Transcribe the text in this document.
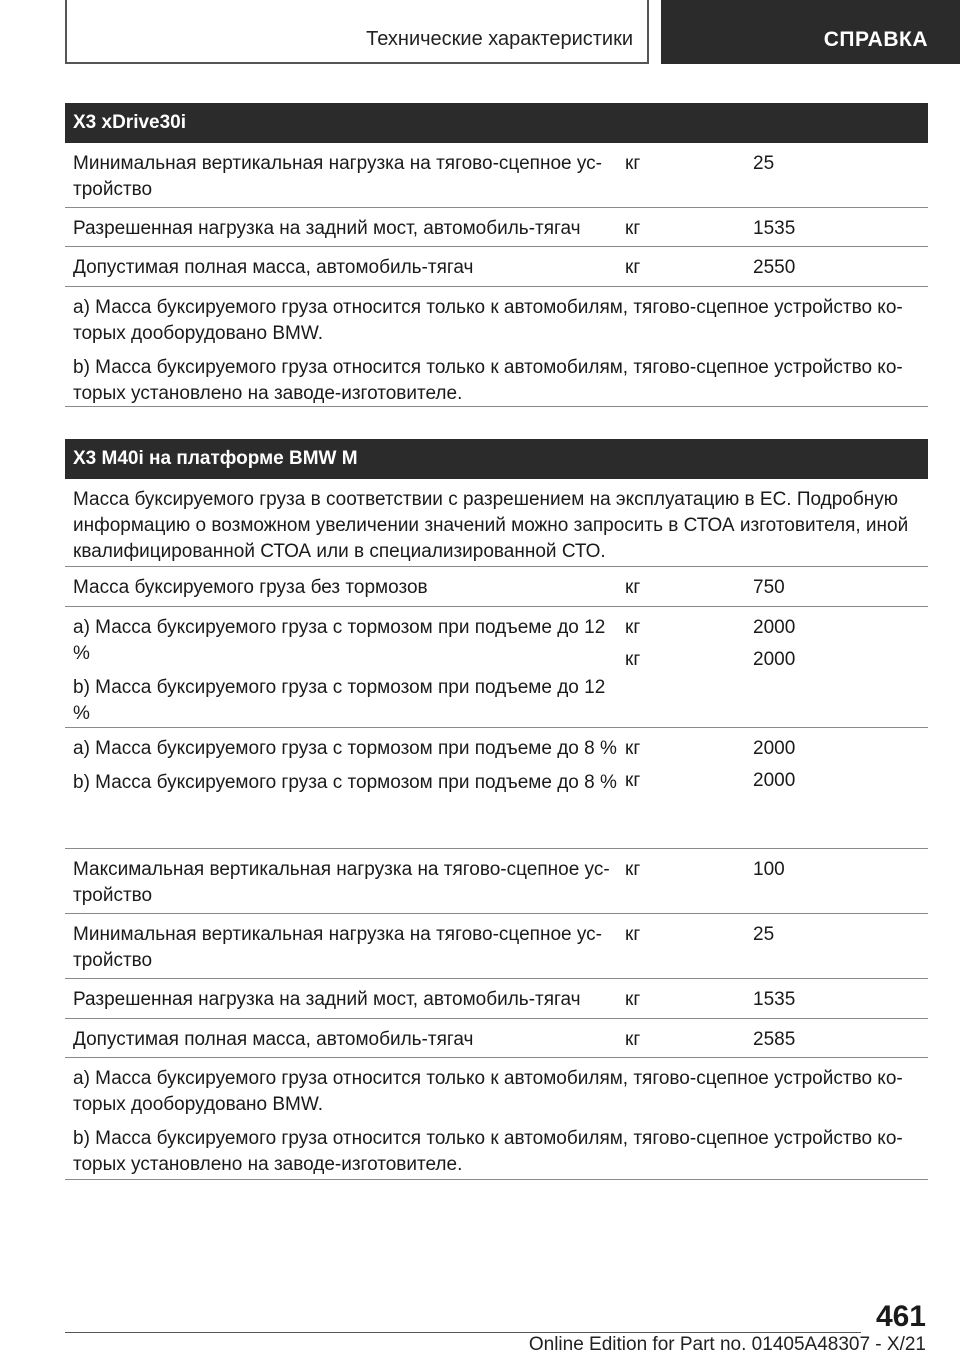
Технические характеристики	СПРАВКА
X3 xDrive30i

Минимальная вертикальная нагрузка на тягово-сцепное ус-тройство

кг	25

Разрешенная нагрузка на задний мост, автомобиль-тягач	кг	1535

Допустимая полная масса, автомобиль-тягач	кг	2550

a) Масса буксируемого груза относится только к автомобилям, тягово-сцепное устройство ко-торых дооборудовано BMW.

b) Масса буксируемого груза относится только к автомобилям, тягово-сцепное устройство ко-торых установлено на заводе-изготовителе.

X3 M40i на платформе BMW M

Масса буксируемого груза в соответствии с разрешением на эксплуатацию в ЕС. Подробную информацию о возможном увеличении значений можно запросить в СТОА изготовителя, иной квалифицированной СТОА или в специализированной СТО.

Масса буксируемого груза без тормозов	кг	750

a) Масса буксируемого груза с тормозом при подъеме до 12 %

b) Масса буксируемого груза с тормозом при подъеме до 12 %

кг

кг

2000

2000

a) Масса буксируемого груза с тормозом при подъеме до 8 %

b) Масса буксируемого груза с тормозом при подъеме до 8 %

кг

кг

2000

2000

Максимальная вертикальная нагрузка на тягово-сцепное ус-тройство

кг	100

Минимальная вертикальная нагрузка на тягово-сцепное ус-тройство

кг	25

Разрешенная нагрузка на задний мост, автомобиль-тягач	кг	1535

Допустимая полная масса, автомобиль-тягач	кг	2585

a) Масса буксируемого груза относится только к автомобилям, тягово-сцепное устройство ко-торых дооборудовано BMW.

b) Масса буксируемого груза относится только к автомобилям, тягово-сцепное устройство ко-торых установлено на заводе-изготовителе.

461
Online Edition for Part no. 01405A48307 - X/21
